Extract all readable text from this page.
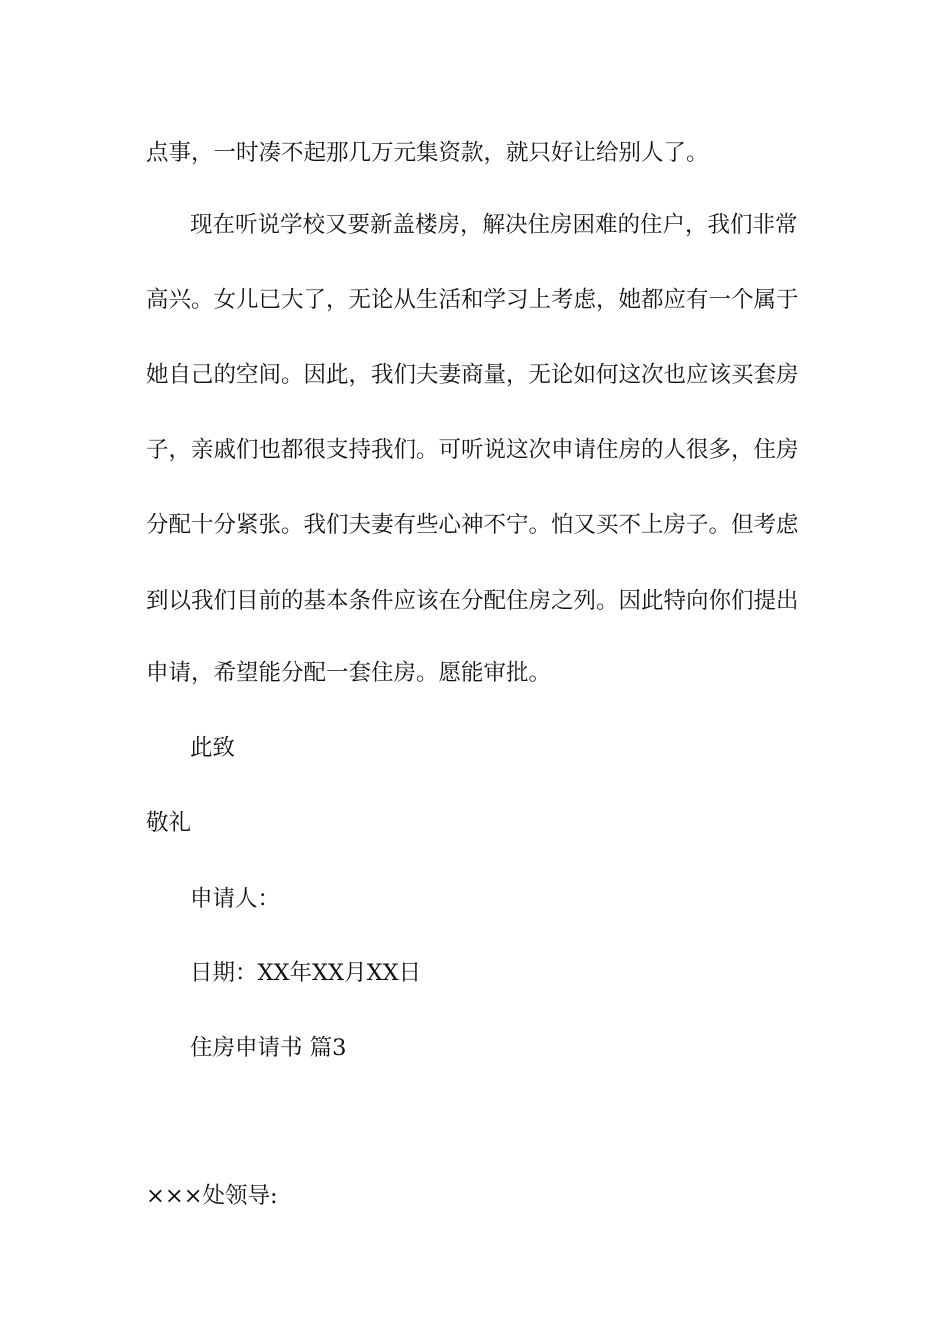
点事，一时凑不起那几万元集资款，就只好让给别人了。
现在听说学校又要新盖楼房，解决住房困难的住户，我们非常
高兴。女儿已大了，无论从生活和学习上考虑，她都应有一个属于
她自己的空间。因此，我们夫妻商量，无论如何这次也应该买套房
子，亲戚们也都很支持我们。可听说这次申请住房的人很多，住房
分配十分紧张。我们夫妻有些心神不宁。怕又买不上房子。但考虑
到以我们目前的基本条件应该在分配住房之列。因此特向你们提出
申请，希望能分配一套住房。愿能审批。
此致
敬礼
申请人：
日期：XX年XX月XX日
住房申请书 篇3
×××处领导:
